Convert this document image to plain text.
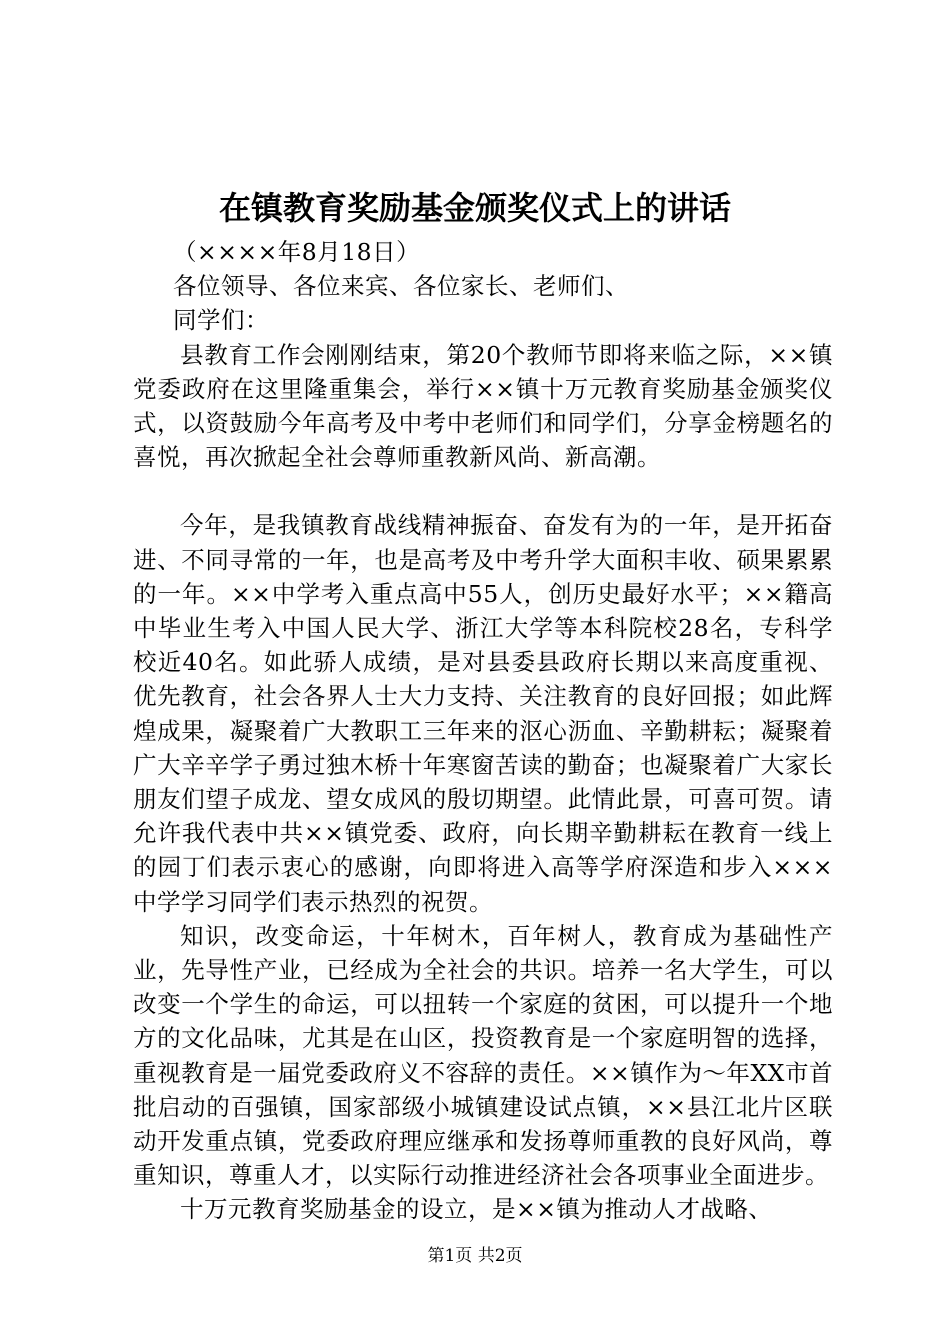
在镇教育奖励基金颁奖仪式上的讲话

（××××年8月18日）

各位领导、各位来宾、各位家长、老师们、

同学们：

县教育工作会刚刚结束，第20个教师节即将来临之际，××镇党委政府在这里隆重集会，举行××镇十万元教育奖励基金颁奖仪式，以资鼓励今年高考及中考中老师们和同学们，分享金榜题名的喜悦，再次掀起全社会尊师重教新风尚、新高潮。

今年，是我镇教育战线精神振奋、奋发有为的一年，是开拓奋进、不同寻常的一年，也是高考及中考升学大面积丰收、硕果累累的一年。××中学考入重点高中55人，创历史最好水平；××籍高中毕业生考入中国人民大学、浙江大学等本科院校28名，专科学校近40名。如此骄人成绩，是对县委县政府长期以来高度重视、优先教育，社会各界人士大力支持、关注教育的良好回报；如此辉煌成果，凝聚着广大教职工三年来的沤心沥血、辛勤耕耘；凝聚着广大辛辛学子勇过独木桥十年寒窗苦读的勤奋；也凝聚着广大家长朋友们望子成龙、望女成风的殷切期望。此情此景，可喜可贺。请允许我代表中共××镇党委、政府，向长期辛勤耕耘在教育一线上的园丁们表示衷心的感谢，向即将进入高等学府深造和步入×××中学学习同学们表示热烈的祝贺。

知识，改变命运，十年树木，百年树人，教育成为基础性产业，先导性产业，已经成为全社会的共识。培养一名大学生，可以改变一个学生的命运，可以扭转一个家庭的贫困，可以提升一个地方的文化品味，尤其是在山区，投资教育是一个家庭明智的选择，重视教育是一届党委政府义不容辞的责任。××镇作为～年XX市首批启动的百强镇，国家部级小城镇建设试点镇，××县江北片区联动开发重点镇，党委政府理应继承和发扬尊师重教的良好风尚，尊重知识，尊重人才，以实际行动推进经济社会各项事业全面进步。

十万元教育奖励基金的设立，是××镇为推动人才战略、

第1页 共2页
